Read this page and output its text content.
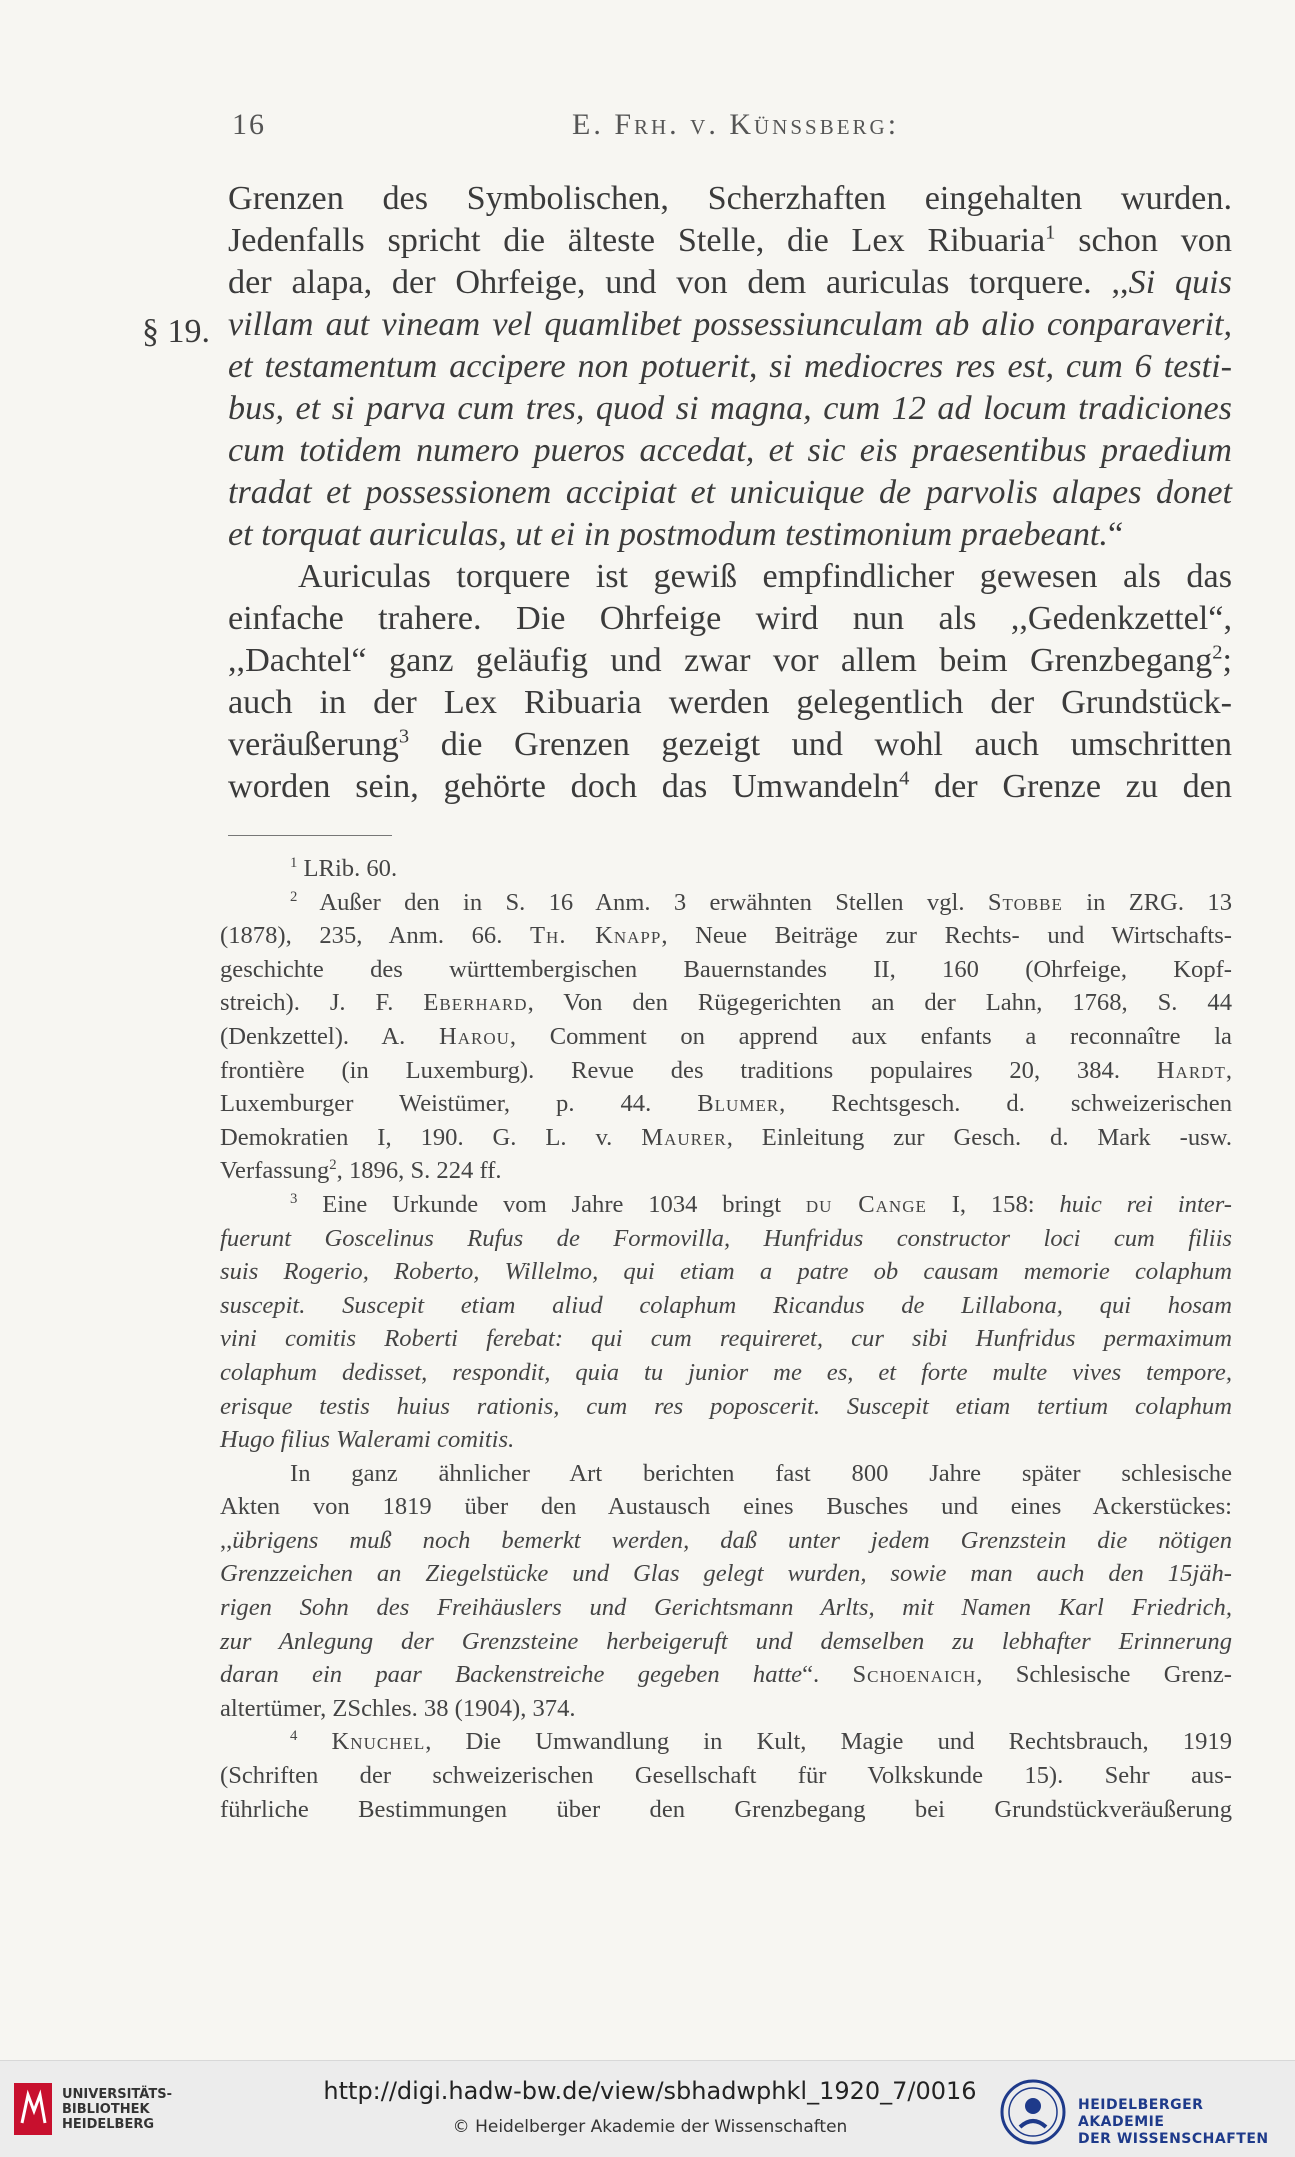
16	E. Frh. v. Künssberg:
§ 19.
Grenzen des Symbolischen, Scherzhaften eingehalten wurden.
Jedenfalls spricht die älteste Stelle, die Lex Ribuaria$^1$ schon von
der alapa, der Ohrfeige, und von dem auriculas torquere. ,,Si quis
villam aut vineam vel quamlibet possessiunculam ab alio conparaverit,
et testamentum accipere non potuerit, si mediocres res est, cum 6 testi-
bus, et si parva cum tres, quod si magna, cum 12 ad locum tradiciones
cum totidem numero pueros accedat, et sic eis praesentibus praedium
tradat et possessionem accipiat et unicuique de parvolis alapes donet
et torquat auriculas, ut ei in postmodum testimonium praebeant.“
Auriculas torquere ist gewiß empfindlicher gewesen als das
einfache trahere. Die Ohrfeige wird nun als ,,Gedenkzettel“,
,,Dachtel“ ganz geläufig und zwar vor allem beim Grenzbegang$^2$;
auch in der Lex Ribuaria werden gelegentlich der Grundstück-
veräußerung$^3$ die Grenzen gezeigt und wohl auch umschritten
worden sein, gehörte doch das Umwandeln$^4$ der Grenze zu den
$^1$ LRib. 60.
$^2$ Außer den in S. 16 Anm. 3 erwähnten Stellen vgl. Stobbe in ZRG. 13
(1878), 235, Anm. 66. Th. Knapp, Neue Beiträge zur Rechts- und Wirtschafts-
geschichte des württembergischen Bauernstandes II, 160 (Ohrfeige, Kopf-
streich). J. F. Eberhard, Von den Rügegerichten an der Lahn, 1768, S. 44
(Denkzettel). A. Harou, Comment on apprend aux enfants a reconnaître la
frontière (in Luxemburg). Revue des traditions populaires 20, 384. Hardt,
Luxemburger Weistümer, p. 44. Blumer, Rechtsgesch. d. schweizerischen
Demokratien I, 190. G. L. v. Maurer, Einleitung zur Gesch. d. Mark -usw.
Verfassung$^2$, 1896, S. 224 ff.
$^3$ Eine Urkunde vom Jahre 1034 bringt du Cange I, 158: huic rei inter-
fuerunt Goscelinus Rufus de Formovilla, Hunfridus constructor loci cum filiis
suis Rogerio, Roberto, Willelmo, qui etiam a patre ob causam memorie colaphum
suscepit. Suscepit etiam aliud colaphum Ricandus de Lillabona, qui hosam
vini comitis Roberti ferebat: qui cum requireret, cur sibi Hunfridus permaximum
colaphum dedisset, respondit, quia tu junior me es, et forte multe vives tempore,
erisque testis huius rationis, cum res poposcerit. Suscepit etiam tertium colaphum
Hugo filius Walerami comitis.
In ganz ähnlicher Art berichten fast 800 Jahre später schlesische
Akten von 1819 über den Austausch eines Busches und eines Ackerstückes:
,,übrigens muß noch bemerkt werden, daß unter jedem Grenzstein die nötigen
Grenzzeichen an Ziegelstücke und Glas gelegt wurden, sowie man auch den 15jäh-
rigen Sohn des Freihäuslers und Gerichtsmann Arlts, mit Namen Karl Friedrich,
zur Anlegung der Grenzsteine herbeigeruft und demselben zu lebhafter Erinnerung
daran ein paar Backenstreiche gegeben hatte“. Schoenaich, Schlesische Grenz-
altertümer, ZSchles. 38 (1904), 374.
$^4$ Knuchel, Die Umwandlung in Kult, Magie und Rechtsbrauch, 1919
(Schriften der schweizerischen Gesellschaft für Volkskunde 15). Sehr aus-
führliche Bestimmungen über den Grenzbegang bei Grundstückveräußerung
UNIVERSITÄTS-
BIBLIOTHEK
HEIDELBERG
http://digi.hadw-bw.de/view/sbhadwphkl_1920_7/0016
© Heidelberger Akademie der Wissenschaften
HEIDELBERGER AKADEMIE
DER WISSENSCHAFTEN
